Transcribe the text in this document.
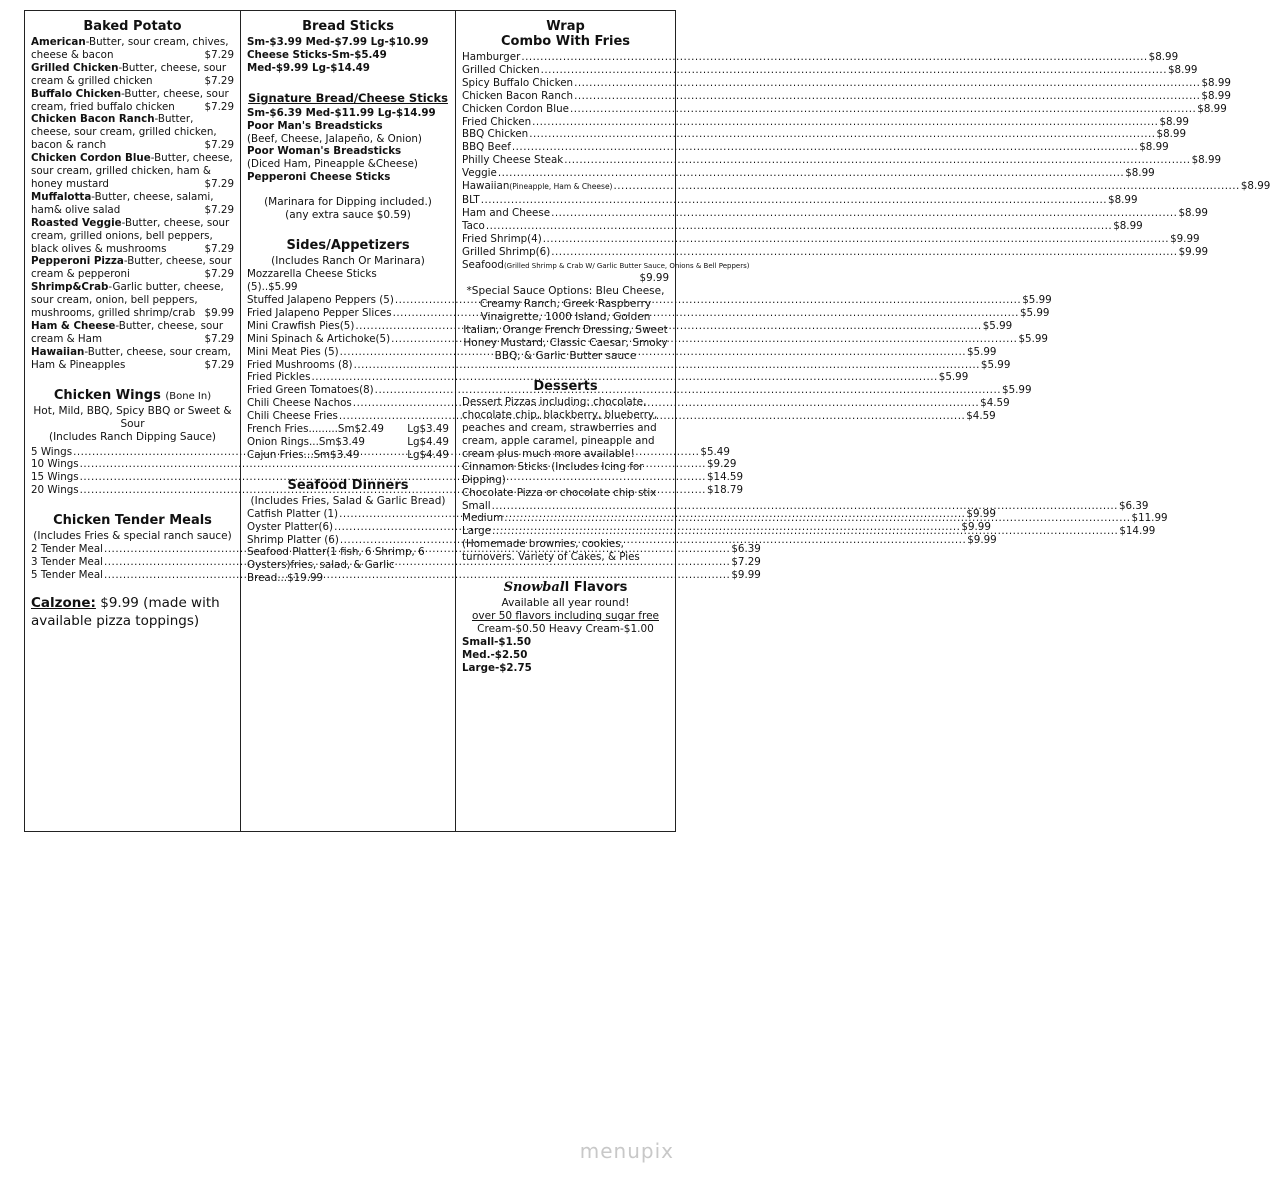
Baked Potato
American-Butter, sour cream, chives, cheese & bacon	$7.29
Grilled Chicken-Butter, cheese, sour cream & grilled chicken	$7.29
Buffalo Chicken-Butter, cheese, sour cream, fried buffalo chicken	$7.29
Chicken Bacon Ranch-Butter, cheese, sour cream, grilled chicken, bacon & ranch	$7.29
Chicken Cordon Blue-Butter, cheese, sour cream, grilled chicken, ham & honey mustard	$7.29
Muffalotta-Butter, cheese, salami, ham& olive salad	$7.29
Roasted Veggie-Butter, cheese, sour cream, grilled onions, bell peppers, black olives & mushrooms	$7.29
Pepperoni Pizza-Butter, cheese, sour cream & pepperoni	$7.29
Shrimp&Crab-Garlic butter, cheese, sour cream, onion, bell peppers, mushrooms, grilled shrimp/crab $9.99
Ham & Cheese-Butter, cheese, sour cream & Ham	$7.29
Hawaiian-Butter, cheese, sour cream, Ham & Pineapples	$7.29
Chicken Wings (Bone In)
Hot, Mild, BBQ, Spicy BBQ or Sweet & Sour
(Includes Ranch Dipping Sauce)
5 Wings .....	$5.49
10 Wings .....	$9.29
15 Wings .....	$14.59
20 Wings .....	$18.79
Chicken Tender Meals
(Includes Fries & special ranch sauce)
2 Tender Meal .....	$6.39
3 Tender Meal .....	$7.29
5 Tender Meal .....	$9.99
Calzone: $9.99 (made with available pizza toppings)
Bread Sticks
Sm-$3.99 Med-$7.99 Lg-$10.99
Cheese Sticks-Sm-$5.49 Med-$9.99 Lg-$14.49
Signature Bread/Cheese Sticks
Sm-$6.39 Med-$11.99 Lg-$14.99
Poor Man's Breadsticks
(Beef, Cheese, Jalapeño, & Onion)
Poor Woman's Breadsticks
(Diced Ham, Pineapple &Cheese)
Pepperoni Cheese Sticks
(Marinara for Dipping included.)
(any extra sauce $0.59)
Sides/Appetizers
(Includes Ranch Or Marinara)
Mozzarella Cheese Sticks
(5)..$5.99
Stuffed Jalapeno Peppers (5) .....	$5.99
Fried Jalapeno Pepper Slices .....	$5.99
Mini Crawfish Pies(5) .....	$5.99
Mini Spinach & Artichoke(5) .....	$5.99
Mini Meat Pies (5) .....	$5.99
Fried Mushrooms (8) .....	$5.99
Fried Pickles .....	$5.99
Fried Green Tomatoes(8) .....	$5.99
Chili Cheese Nachos .....	$4.59
Chili Cheese Fries .....	$4.59
French Fries.........Sm$2.49 Lg$3.49
Onion Rings...Sm$3.49	Lg$4.49
Cajun Fries...Sm$3.49	Lg$4.49
Seafood Dinners
(Includes Fries, Salad & Garlic Bread)
Catfish Platter (1) .....	$9.99
Oyster Platter(6) .....	$9.99
Shrimp Platter (6) .....	$9.99
Seafood Platter(1 fish, 6 Shrimp, 6 Oysters)fries, salad, & Garlic Bread...$19.99
Wrap
Combo With Fries
Hamburger .....	$8.99
Grilled Chicken .....	$8.99
Spicy Buffalo Chicken .....	$8.99
Chicken Bacon Ranch .....	$8.99
Chicken Cordon Blue .....	$8.99
Fried Chicken .....	$8.99
BBQ Chicken .....	$8.99
BBQ Beef .....	$8.99
Philly Cheese Steak .....	$8.99
Veggie .....	$8.99
Hawaiian(Pineapple, Ham & Cheese) .....	$8.99
BLT .....	$8.99
Ham and Cheese .....	$8.99
Taco .....	$8.99
Fried Shrimp(4) .....	$9.99
Grilled Shrimp(6) .....	$9.99
Seafood(Grilled Shrimp & Crab W/ Garlic Butter Sauce, Onions & Bell Peppers)
$9.99
*Special Sauce Options: Bleu Cheese, Creamy Ranch, Greek Raspberry Vinaigrette, 1000 Island, Golden Italian, Orange French Dressing, Sweet Honey Mustard, Classic Caesar, Smoky BBQ, & Garlic Butter sauce
Desserts
Dessert Pizzas including: chocolate, chocolate chip, blackberry, blueberry, peaches and cream, strawberries and cream, apple caramel, pineapple and cream plus much more available!
Cinnamon Sticks (Includes Icing for Dipping)
Chocolate Pizza or chocolate chip stix
Small .....	$6.39
Medium .....	$11.99
Large .....	$14.99
(Homemade brownies, cookies, turnovers. Variety of Cakes, & Pies
Snowball Flavors
Available all year round!
over 50 flavors including sugar free
Cream-$0.50 Heavy Cream-$1.00
Small-$1.50
Med.-$2.50
Large-$2.75
menupix
